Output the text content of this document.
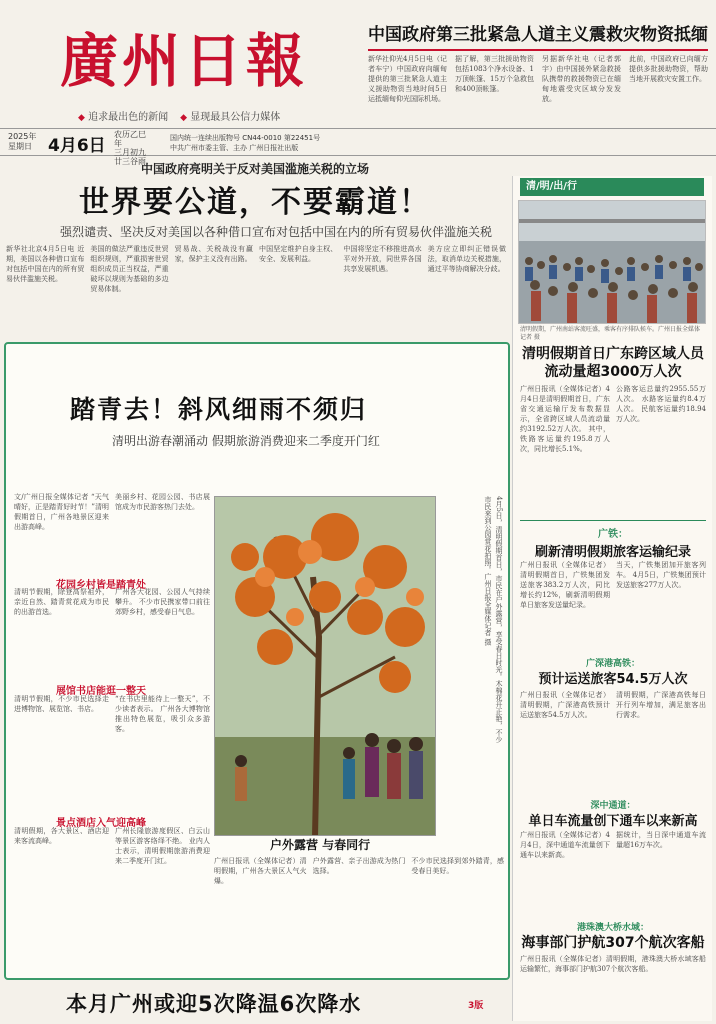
廣州日報
◆ 追求最出色的新闻 ◆ 显现最具公信力媒体
中国政府第三批紧急人道主义震救灾物资抵缅
新华社仰光4月5日电（记者车宁）中国政府向缅甸提供的第三批紧急人道主义援助物资当地时间5日运抵缅甸仰光国际机场。
据了解，第三批援助物资包括1083个净水设备、1万顶帐篷、15万个急救包和400顶帐篷。
另据新华社电（记者郭宇）由中国援外紧急救援队携带的救援物资已在缅甸地震受灾区域分发发放。
此前，中国政府已向缅方提供多批援助物资，帮助当地开展救灾安置工作。
2025年
星期日 4月6日
农历乙巳年
三月初九
廿三谷雨
国内统一连续出版物号 CN44-0010 第22451号
中共广州市委主管、主办 广州日报社出版
中国政府亮明关于反对美国滥施关税的立场
世界要公道，不要霸道！
强烈谴责、坚决反对美国以各种借口宣布对包括中国在内的所有贸易伙伴滥施关税
新华社北京4月5日电 近期，美国以各种借口宣布对包括中国在内的所有贸易伙伴滥施关税。
美国的做法严重违反世贸组织规则，严重损害世贸组织成员正当权益，严重破坏以规则为基础的多边贸易体制。
贸易战、关税战没有赢家，保护主义没有出路。
中国坚定维护自身主权、安全、发展利益。
中国将坚定不移推进高水平对外开放，同世界各国共享发展机遇。
美方应立即纠正错误做法，取消单边关税措施，通过平等协商解决分歧。
清/明/出/行
清明假期，广州南站客流旺盛，乘客有序排队候车。广州日报全媒体记者 摄
清明假期首日广东跨区域人员流动量超3000万人次
广州日报讯（全媒体记者）4月4日是清明假期首日，广东省交通运输厅发布数据显示，全省跨区域人员流动量约3192.52万人次。 其中，铁路客运量约195.8万人次，同比增长5.1%。
公路客运总量约2955.55万人次。 水路客运量约8.4万人次。 民航客运量约18.94万人次。
广铁：
刷新清明假期旅客运输纪录
广州日报讯（全媒体记者）清明假期首日，广铁集团发送旅客383.2万人次，同比增长约12%，刷新清明假期单日旅客发送量纪录。
当天，广铁集团加开旅客列车。 4月5日，广铁集团预计发送旅客277万人次。
广深港高铁：
预计运送旅客54.5万人次
广州日报讯（全媒体记者）清明假期，广深港高铁预计运送旅客54.5万人次。
清明假期，广深港高铁每日开行列车增加，满足旅客出行需求。
深中通道：
单日车流量创下通车以来新高
广州日报讯（全媒体记者）4月4日，深中通道车流量创下通车以来新高。
据统计，当日深中通道车流量超16万车次。
港珠澳大桥水域：
海事部门护航307个航次客船
广州日报讯（全媒体记者）清明假期，港珠澳大桥水域客船运输繁忙，海事部门护航307个航次客船。
踏青去！斜风细雨不须归
清明出游春潮涌动 假期旅游消费迎来二季度开门红
文/广州日报全媒体记者 “天气晴好，正是踏青好时节！”清明假期首日，广州各地景区迎来出游高峰。
美丽乡村、花园公园、书店展馆成为市民游客热门去处。
花园乡村皆是踏青处
清明节假期，除登高祭祖外，亲近自然、踏青赏花成为市民的出游首选。
广州各大花园、公园人气持续攀升。 不少市民携家带口前往郊野乡村，感受春日气息。
展馆书店能逛一整天
清明节假期，不少市民选择走进博物馆、展览馆、书店。
“在书店里能待上一整天”，不少读者表示。 广州各大博物馆推出特色展览，吸引众多游客。
景点酒店入气迎高峰
清明假期，各大景区、酒店迎来客流高峰。
广州长隆旅游度假区、白云山等景区游客络绎不绝。 业内人士表示，清明假期旅游消费迎来二季度开门红。
户外露营 与春同行
4月5日，清明假期首日，市民在户外露营，享受春日时光。木棉花开正艳，不少市民来到公园赏花拍照。广州日报全媒体记者 摄
广州日报讯（全媒体记者）清明假期，广州各大景区人气火爆。
户外露营、亲子出游成为热门选择。
不少市民选择到郊外踏青，感受春日美好。
本月广州或迎5次降温6次降水	3版
